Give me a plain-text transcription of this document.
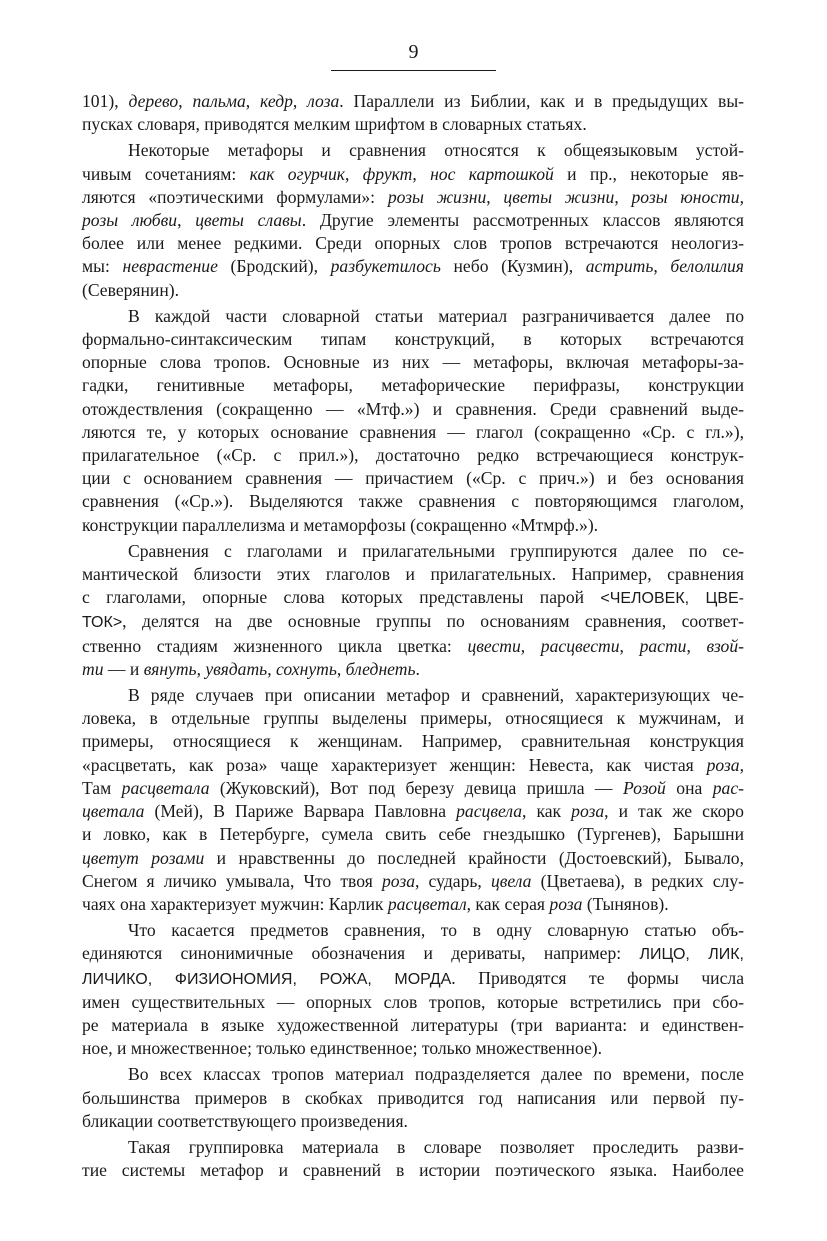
9
101), дерево, пальма, кедр, лоза. Параллели из Библии, как и в предыдущих вы-
пусках словаря, приводятся мелким шрифтом в словарных статьях.
Некоторые метафоры и сравнения относятся к общеязыковым устой-
чивым сочетаниям: как огурчик, фрукт, нос картошкой и пр., некоторые яв-
ляются «поэтическими формулами»: розы жизни, цветы жизни, розы юности,
розы любви, цветы славы. Другие элементы рассмотренных классов являются
более или менее редкими. Среди опорных слов тропов встречаются неологиз-
мы: неврастение (Бродский), разбукетилось небо (Кузмин), астрить, белолилия
(Северянин).
В каждой части словарной статьи материал разграничивается далее по
формально-синтаксическим типам конструкций, в которых встречаются
опорные слова тропов. Основные из них — метафоры, включая метафоры-за-
гадки, генитивные метафоры, метафорические перифразы, конструкции
отождествления (сокращенно — «Мтф.») и сравнения. Среди сравнений выде-
ляются те, у которых основание сравнения — глагол (сокращенно «Ср. с гл.»),
прилагательное («Ср. с прил.»), достаточно редко встречающиеся конструк-
ции с основанием сравнения — причастием («Ср. с прич.») и без основания
сравнения («Ср.»). Выделяются также сравнения с повторяющимся глаголом,
конструкции параллелизма и метаморфозы (сокращенно «Мтмрф.»).
Сравнения с глаголами и прилагательными группируются далее по се-
мантической близости этих глаголов и прилагательных. Например, сравнения
с глаголами, опорные слова которых представлены парой <ЧЕЛОВЕК, ЦВЕ-
ТОК>, делятся на две основные группы по основаниям сравнения, соответ-
ственно стадиям жизненного цикла цветка: цвести, расцвести, расти, взой-
ти — и вянуть, увядать, сохнуть, бледнеть.
В ряде случаев при описании метафор и сравнений, характеризующих че-
ловека, в отдельные группы выделены примеры, относящиеся к мужчинам, и
примеры, относящиеся к женщинам. Например, сравнительная конструкция
«расцветать, как роза» чаще характеризует женщин: Невеста, как чистая роза,
Там расцветала (Жуковский), Вот под березу девица пришла — Розой она рас-
цветала (Мей), В Париже Варвара Павловна расцвела, как роза, и так же скоро
и ловко, как в Петербурге, сумела свить себе гнездышко (Тургенев), Барышни
цветут розами и нравственны до последней крайности (Достоевский), Бывало,
Снегом я личико умывала, Что твоя роза, сударь, цвела (Цветаева), в редких слу-
чаях она характеризует мужчин: Карлик расцветал, как серая роза (Тынянов).
Что касается предметов сравнения, то в одну словарную статью объ-
единяются синонимичные обозначения и дериваты, например: ЛИЦО, ЛИК,
ЛИЧИКО, ФИЗИОНОМИЯ, РОЖА, МОРДА. Приводятся те формы числа
имен существительных — опорных слов тропов, которые встретились при сбо-
ре материала в языке художественной литературы (три варианта: и единствен-
ное, и множественное; только единственное; только множественное).
Во всех классах тропов материал подразделяется далее по времени, после
большинства примеров в скобках приводится год написания или первой пу-
бликации соответствующего произведения.
Такая группировка материала в словаре позволяет проследить разви-
тие системы метафор и сравнений в истории поэтического языка. Наиболее
